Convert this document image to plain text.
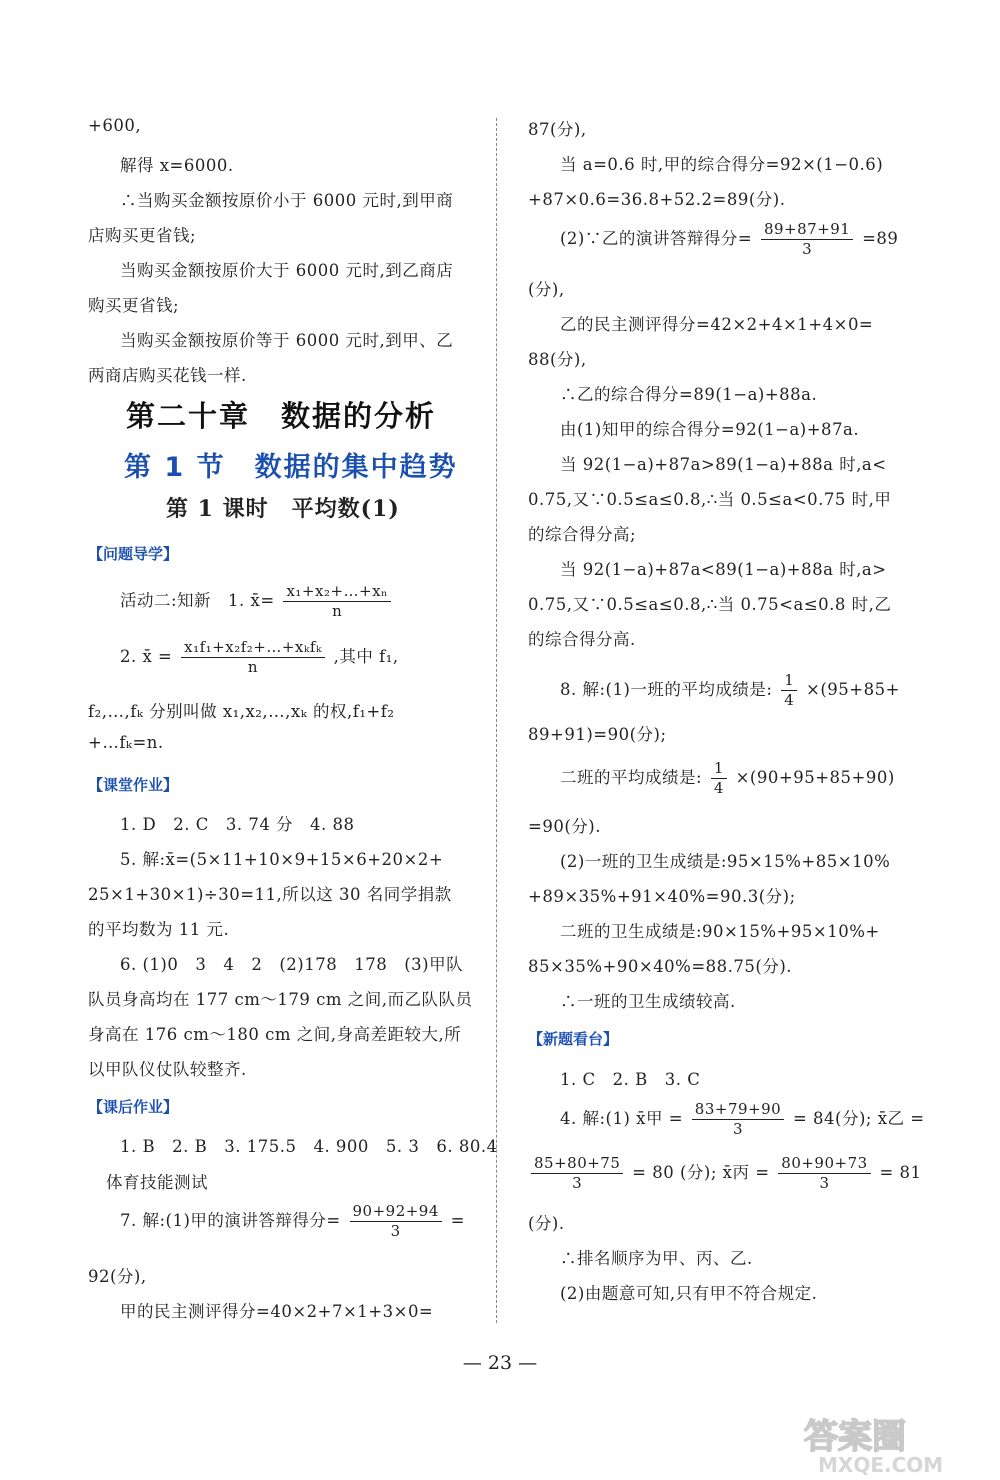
+600,
解得 x=6000.
∴当购买金额按原价小于 6000 元时,到甲商
店购买更省钱;
当购买金额按原价大于 6000 元时,到乙商店
购买更省钱;
当购买金额按原价等于 6000 元时,到甲、乙
两商店购买花钱一样.
第二十章　数据的分析
第 1 节　数据的集中趋势
第 1 课时　平均数(1)
【问题导学】
活动二:知新　1. x̄= $\frac{\text{x₁+x₂+…+xₙ}}{n}$
2. x̄ = $\frac{\text{x₁f₁+x₂f₂+…+xₖfₖ}}{n}$ ,其中 f₁,
f₂,…,fₖ 分别叫做 x₁,x₂,…,xₖ 的权,f₁+f₂
+…fₖ=n.
【课堂作业】
1. D　2. C　3. 74 分　4. 88
5. 解:x̄=(5×11+10×9+15×6+20×2+
25×1+30×1)÷30=11,所以这 30 名同学捐款
的平均数为 11 元.
6. (1)0　3　4　2　(2)178　178　(3)甲队
队员身高均在 177 cm～179 cm 之间,而乙队队员
身高在 176 cm～180 cm 之间,身高差距较大,所
以甲队仪仗队较整齐.
【课后作业】
1. B　2. B　3. 175.5　4. 900　5. 3　6. 80.4
体育技能测试
7. 解:(1)甲的演讲答辩得分= $\frac{90+92+94}{3}$ =
92(分),
甲的民主测评得分=40×2+7×1+3×0=
87(分),
当 a=0.6 时,甲的综合得分=92×(1−0.6)
+87×0.6=36.8+52.2=89(分).
(2)∵乙的演讲答辩得分= $\frac{89+87+91}{3} =89$
(分),
乙的民主测评得分=42×2+4×1+4×0=
88(分),
∴乙的综合得分=89(1−a)+88a.
由(1)知甲的综合得分=92(1−a)+87a.
当 92(1−a)+87a>89(1−a)+88a 时,a<
0.75,又∵0.5≤a≤0.8,∴当 0.5≤a<0.75 时,甲
的综合得分高;
当 92(1−a)+87a<89(1−a)+88a 时,a>
0.75,又∵0.5≤a≤0.8,∴当 0.75<a≤0.8 时,乙
的综合得分高.
8. 解:(1)一班的平均成绩是: $\frac{1}{4} \times(95+85+$
89+91)=90(分);
二班的平均成绩是: $\frac{1}{4} \times(90+95+85+90)$
=90(分).
(2)一班的卫生成绩是:95×15%+85×10%
+89×35%+91×40%=90.3(分);
二班的卫生成绩是:90×15%+95×10%+
85×35%+90×40%=88.75(分).
∴一班的卫生成绩较高.
【新题看台】
1. C　2. B　3. C
4. 解:(1) x̄甲 = $\frac{83+79+90}{3} = 84$(分); x̄乙 =
$\frac{85+80+75}{3} = 80$ (分); x̄丙 = $\frac{80+90+73}{3} = 81$
(分).
∴排名顺序为甲、丙、乙.
(2)由题意可知,只有甲不符合规定.
— 23 —
答案圈
MXQE.COM
